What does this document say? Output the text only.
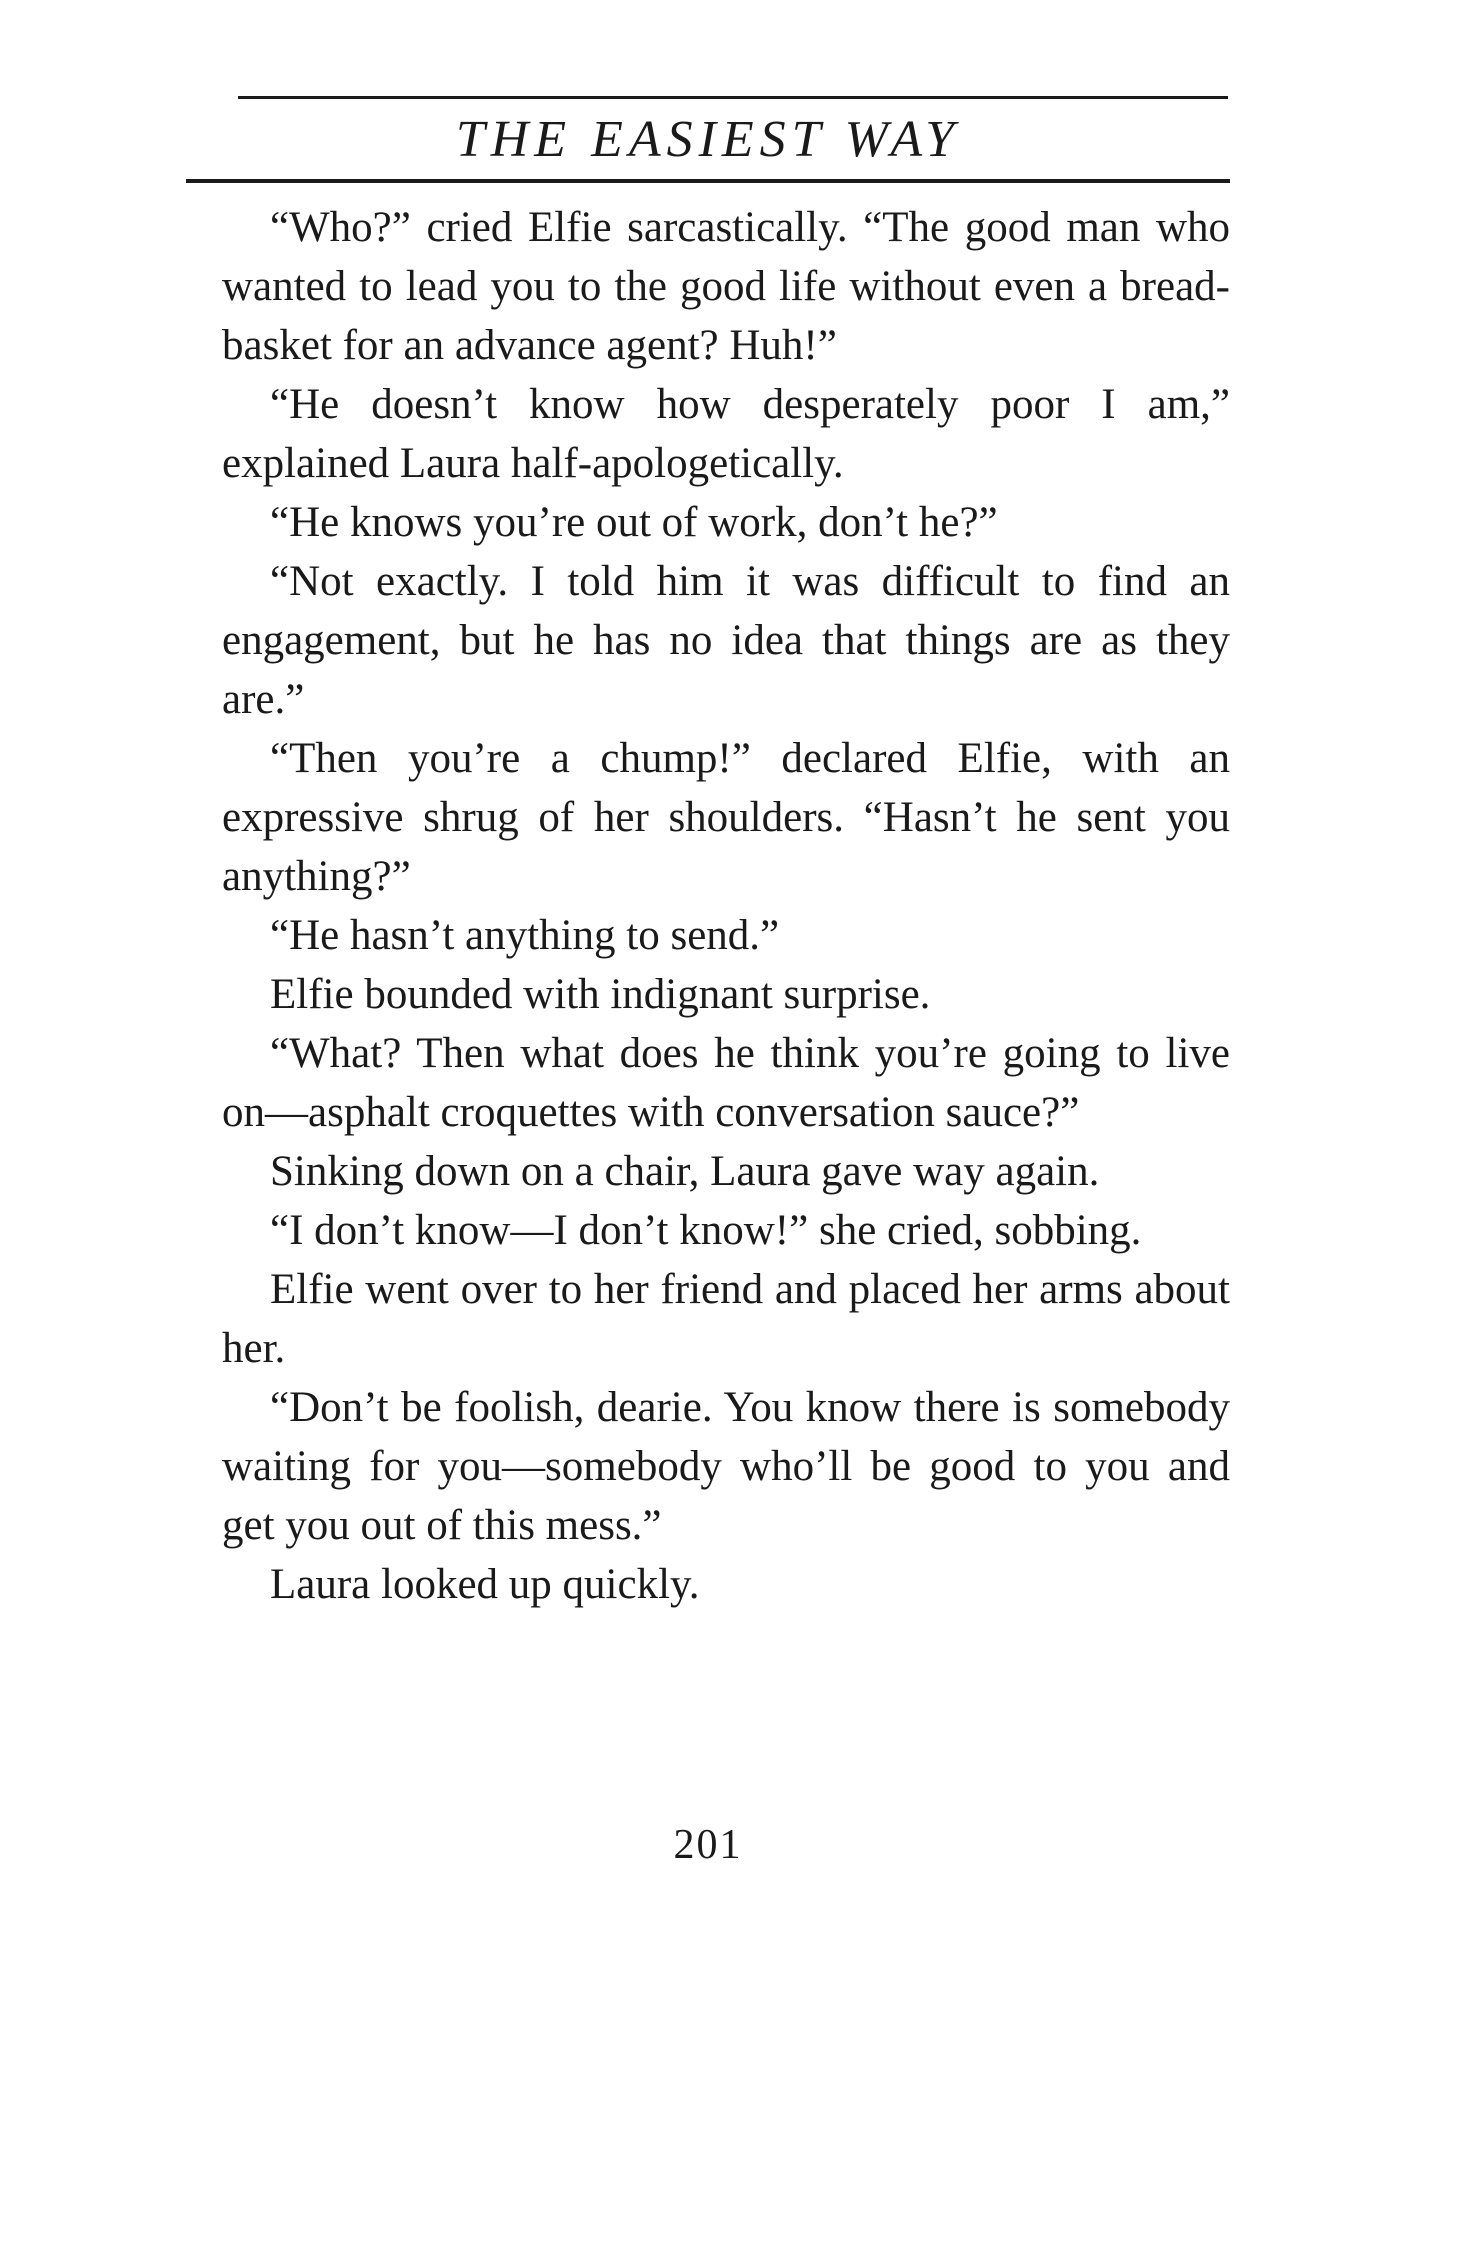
THE EASIEST WAY

“Who?” cried Elfie sarcastically. “The good man who wanted to lead you to the good life without even a bread-basket for an advance agent? Huh!”

“He doesn’t know how desperately poor I am,” explained Laura half-apologetically.

“He knows you’re out of work, don’t he?”

“Not exactly. I told him it was difficult to find an engagement, but he has no idea that things are as they are.”

“Then you’re a chump!” declared Elfie, with an expressive shrug of her shoulders. “Hasn’t he sent you anything?”

“He hasn’t anything to send.”

Elfie bounded with indignant surprise.

“What? Then what does he think you’re going to live on—asphalt croquettes with conversation sauce?”

Sinking down on a chair, Laura gave way again.

“I don’t know—I don’t know!” she cried, sobbing.

Elfie went over to her friend and placed her arms about her.

“Don’t be foolish, dearie. You know there is somebody waiting for you—somebody who’ll be good to you and get you out of this mess.”

Laura looked up quickly.

201
